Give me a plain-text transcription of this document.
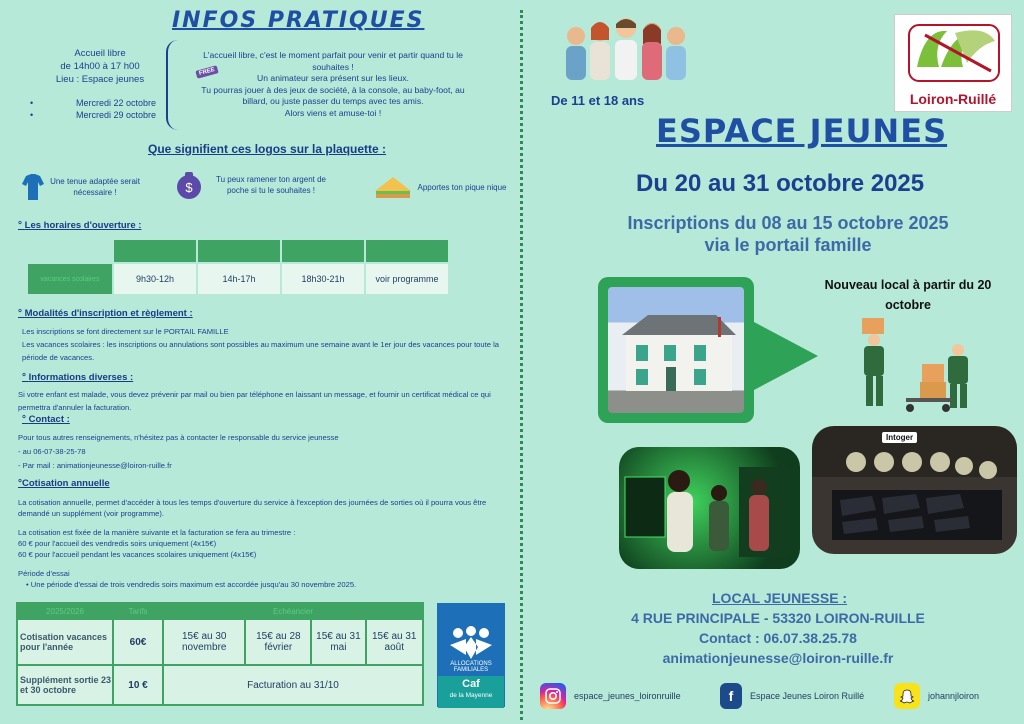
INFOS PRATIQUES
Accueil libre
de 14h00 à 17 h00
Lieu : Espace jeunes
• Mercredi 22 octobre
• Mercredi 29 octobre
FREE
L'accueil libre, c'est le moment parfait pour venir et partir quand tu le souhaites !
Un animateur sera présent sur les lieux.
Tu pourras jouer à des jeux de société, à la console, au baby-foot, au billard, ou juste passer du temps avec tes amis.
Alors viens et amuse-toi !
Que signifient ces logos sur la plaquette :
Une tenue adaptée serait nécessaire !	$
Tu peux ramener ton argent de poche si tu le souhaites !	Apportes ton pique nique
° Les horaires d'ouverture :
	Accueil du matin	Accueil après-midi	Accueil de soirée	Sorties
vacances scolaires	9h30-12h	14h-17h	18h30-21h	voir programme
° Modalités d'inscription et règlement :
Les inscriptions se font directement sur le PORTAIL FAMILLE
Les vacances scolaires : les inscriptions ou annulations sont possibles au maximum une semaine avant le 1er jour des vacances pour toute la période de vacances.
° Informations diverses :
Si votre enfant est malade, vous devez prévenir par mail ou bien par téléphone en laissant un message, et fournir un certificat médical ce qui permettra d'annuler la facturation.
° Contact :
Pour tous autres renseignements, n'hésitez pas à contacter le responsable du service jeunesse
- au 06-07-38-25-78
- Par mail : animationjeunesse@loiron-ruille.fr
°Cotisation annuelle
La cotisation annuelle, permet d'accéder à tous les temps d'ouverture du service à l'exception des journées de sorties où il pourra vous être demandé un supplément (voir programme).
La cotisation est fixée de la manière suivante et la facturation se fera au trimestre :
60 € pour l'accueil des vendredis soirs uniquement (4x15€)
60 € pour l'accueil pendant les vacances scolaires uniquement (4x15€)
Période d'essai
• Une période d'essai de trois vendredis soirs maximum est accordée jusqu'au 30 novembre 2025.
2025/2026	Tarifs	Echéancier			
Cotisation vacances pour l'année	60€	15€ au 30 novembre	15€ au 28 février	15€ au 31 mai	15€ au 31 août
Supplément sortie 23 et 30 octobre	10 €	Facturation au 31/10			
ALLOCATIONS
FAMILIALES
Caf
de la Mayenne
De 11 et 18 ans	Loiron-Ruillé
ESPACE JEUNES
Du 20 au 31 octobre 2025
Inscriptions du 08 au 15 octobre 2025
via le portail famille
Nouveau local à partir du 20 octobre
Intoger
LOCAL JEUNESSE :
4 RUE PRINCIPALE - 53320 LOIRON-RUILLE
Contact : 06.07.38.25.78
animationjeunesse@loiron-ruille.fr
espace_jeunes_loironruille	f	Espace Jeunes Loiron Ruillé	johannjloiron
